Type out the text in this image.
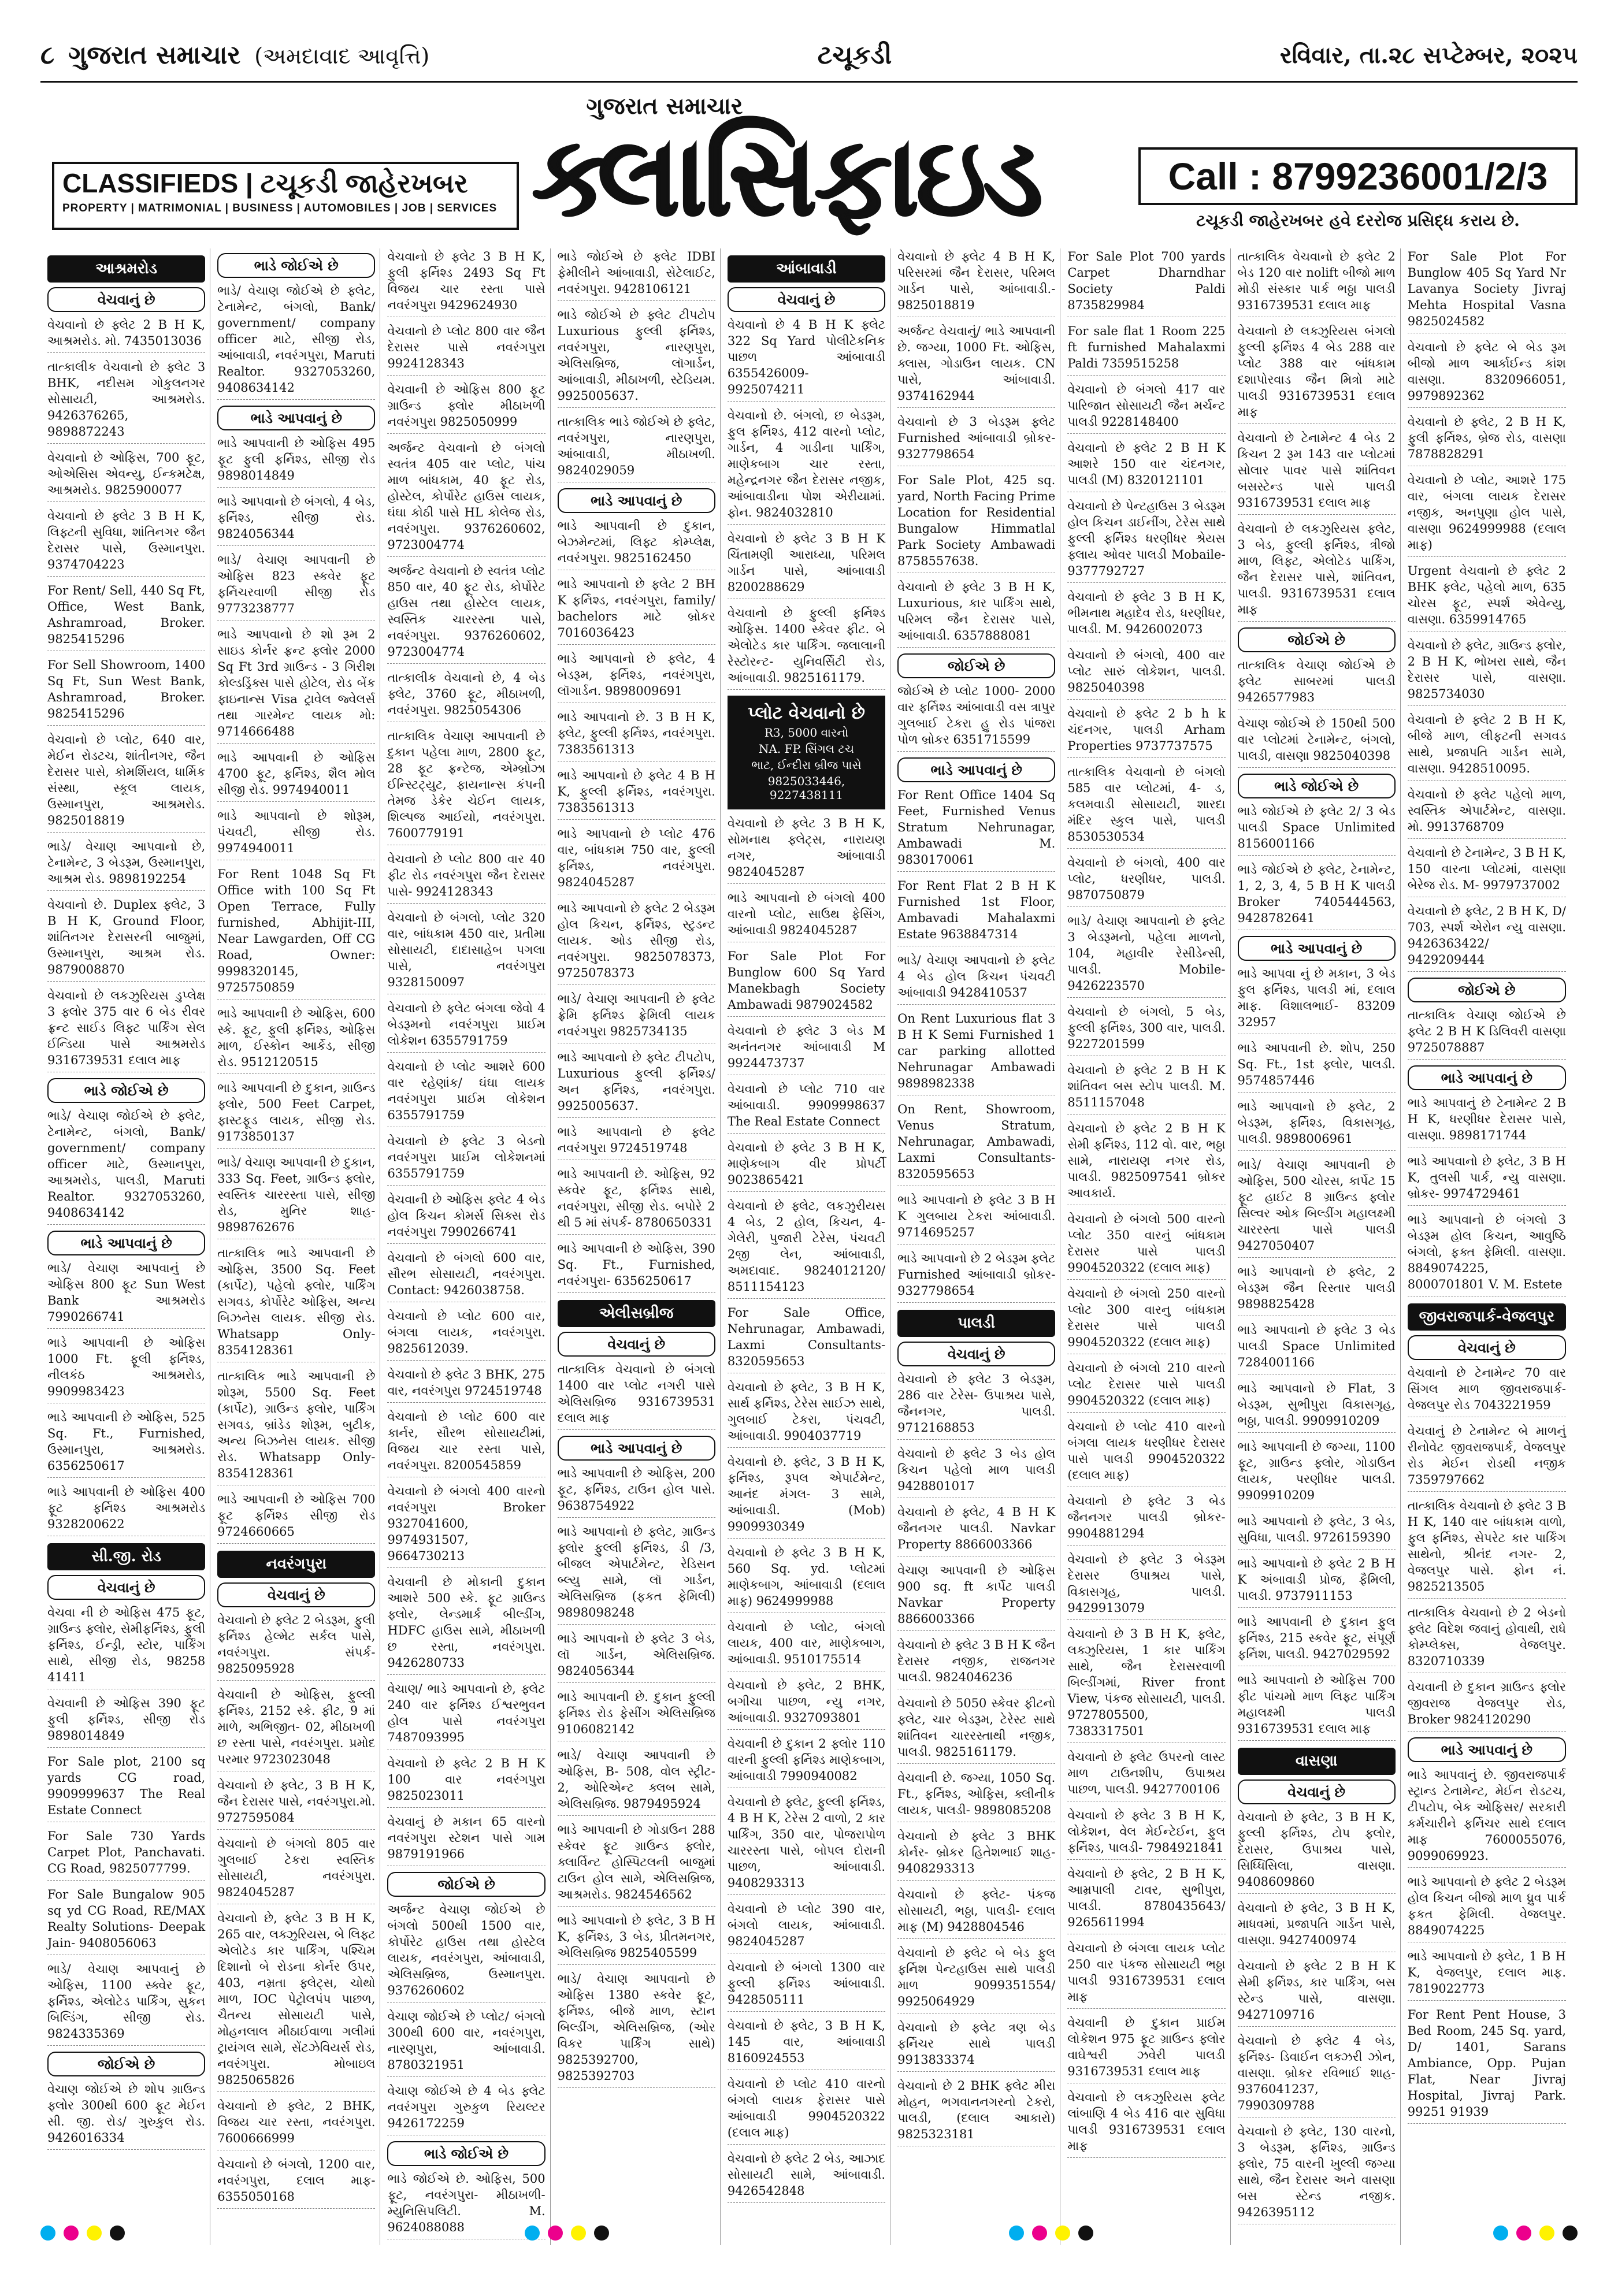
૮ ગુજરાત સમાચાર (અમદાવાદ આવૃત્તિ)	ટચૂકડી	રવિવાર, તા.૨૮ સપ્ટેમ્બર, ૨૦૨૫
CLASSIFIEDS | ટચૂકડી જાહેરખબર
PROPERTY | MATRIMONIAL | BUSINESS | AUTOMOBILES | JOB | SERVICES
ગુજરાત સમાચાર
ક્લાસિફાઇડ	Call : 8799236001/2/3
ટચૂકડી જાહેરખબર હવે દરરોજ પ્રસિદ્ધ કરાય છે.
આશ્રમરોડ
વેચવાનું છે
વેચવાનો છે ફ્લેટ 2 B H K, આશ્રમરોડ. મો. 7435013036
તાત્કાલીક વેચવાનો છે ફ્લેટ 3 BHK, નદીસમ ગોકુલનગર સોસાયટી, આશ્રમરોડ. 9426376265, 9898872243
વેચવાનો છે ઓફિસ, 700 ફૂટ, ઓએસિસ એવન્યુ, ઈન્કમટેક્ષ, આશ્રમરોડ. 9825900077
વેચવાનો છે ફ્લેટ 3 B H K, લિફ્ટની સુવિધા, શાંતિનગર જૈન દેરાસર પાસે, ઉસ્માનપુરા. 9374704223
For Rent/ Sell, 440 Sq Ft, Office, West Bank, Ashramroad, Broker. 9825415296
For Sell Showroom, 1400 Sq Ft, Sun West Bank, Ashramroad, Broker. 9825415296
વેચવાનો છે પ્લોટ, 640 વાર, મેઈન રોડટચ, શાંતીનગર, જૈન દેરાસર પાસે, કોમર્શિયલ, ધાર્મિક સંસ્થા, સ્કૂલ લાયક, ઉસ્માનપુરા, આશ્રમરોડ. 9825018819
ભાડે/ વેચાણ આપવાનો છે, ટેનામેન્ટ, 3 બેડરૂમ, ઉસ્માનપુરા, આશ્રમ રોડ. 9898192254
વેચવાનો છે. Duplex ફ્લેટ, 3 B H K, Ground Floor, શાંતિનગર દેરાસરની બાજુમાં, ઉસ્માનપુરા, આશ્રમ રોડ. 9879008870
વેચવાનો છે લકઝુરિયસ ડુપ્લેક્ષ 3 ફ્લોર 375 વાર 6 બેડ રીવર ફ્રન્ટ સાઈડ લિફ્ટ પાર્કિંગ સેલ ઈન્ડિયા પાસે આશ્રમરોડ 9316739531 દલાલ માફ
ભાડે જોઈએ છે
ભાડે/ વેચાણ જોઈએ છે ફ્લેટ, ટેનામેન્ટ, બંગલો, Bank/ government/ company officer માટે, ઉસ્માનપુરા, આશ્રમરોડ, પાલડી, Maruti Realtor. 9327053260, 9408634142
ભાડે આપવાનું છે
ભાડે/ વેચાણ આપવાનું છે ઓફિસ 800 ફૂટ Sun West Bank આશ્રમરોડ 7990266741
ભાડે આપવાની છે ઓફિસ 1000 Ft. ફૂલી ફર્નિશ્ડ, નીલકંઠ આશ્રમરોડ, 9909983423
ભાડે આપવાની છે ઓફિસ, 525 Sq. Ft., Furnished, ઉસ્માનપુરા, આશ્રમરોડ. 6356250617
ભાડે આપવાની છે ઓફિસ 400 ફૂટ ફર્નિશ્ડ આશ્રમરોડ 9328200622
સી.જી. રોડ
વેચવાનું છે
વેચવા ની છે ઓફિસ 475 ફૂટ, ગ્રાઉન્ડ ફ્લોર, સેમીફર્નિશ્ડ, ફુલી ફર્નિશ્ડ, ઈન્ડ્રી, સ્ટોર, પાર્કિંગ સાથે, સીજી રોડ, 98258 41411
વેચવાની છે ઓફિસ 390 ફૂટ ફુલી ફર્નિશ્ડ, સીજી રોડ 9898014849
For Sale plot, 2100 sq yards CG road, 9909999637 The Real Estate Connect
For Sale 730 Yards Carpet Plot, Panchavati. CG Road, 9825077799.
For Sale Bungalow 905 sq yd CG Road, RE/MAX Realty Solutions- Deepak Jain- 9408056063
ભાડે/ વેચાણ આપવાનું છે ઓફિસ, 1100 સ્ક્વેર ફૂટ, ફર્નિશ્ડ, એલોટેડ પાર્કિંગ, સુકન બિલ્ડિંગ, સીજી રોડ. 9824335369
જોઈએ છે
વેચાણ જોઈએ છે શોપ ગ્રાઉન્ડ ફ્લોર 300થી 600 ફૂટ મેઈન સી. જી. રોડ/ ગુરુકુલ રોડ. 9426016334
ભાડે જોઈએ છે
ભાડે/ વેચાણ જોઈએ છે ફ્લેટ, ટેનામેન્ટ, બંગલો, Bank/ government/ company officer માટે, સીજી રોડ, આંબાવાડી, નવરંગપુરા, Maruti Realtor. 9327053260, 9408634142
ભાડે આપવાનું છે
ભાડે આપવાની છે ઓફિસ 495 ફૂટ ફુલી ફર્નિશ્ડ, સીજી રોડ 9898014849
ભાડે આપવાનો છે બંગલો, 4 બેડ, ફર્નિશ્ડ, સીજી રોડ. 9824056344
ભાડે/ વેચાણ આપવાની છે ઓફિસ 823 સ્કવેર ફૂટ ફર્નિચરવાળી સીજી રોડ 9773238777
ભાડે આપવાનો છે શો રૂમ 2 સાઇડ કોર્નર ફ્રન્ટ ફ્લોર 2000 Sq Ft 3rd ગ્રાઉન્ડ - 3 ગિરીશ કોલ્ડડ્રિંક્સ પાસે હોટેલ, રોડ બેંક ફાઇનાન્સ Visa ટ્રાવેલ જ્વેલર્સ તથા ગારમેન્ટ લાયક મો: 9714666488
ભાડે આપવાની છે ઓફિસ 4700 ફૂટ, ફર્નિશ્ડ, શૈલ મોલ સીજી રોડ. 9974940011
ભાડે આપવાનો છે શોરૂમ, પંચવટી, સીજી રોડ. 9974940011
For Rent 1048 Sq Ft Office with 100 Sq Ft Open Terrace, Fully furnished, Abhijit-III, Near Lawgarden, Off CG Road, Owner: 9998320145, 9725750859
ભાડે આપવાની છે ઓફિસ, 600 સ્કે. ફૂટ, ફુલી ફર્નિશ્ડ, ઓફિસ માળ, ઈસ્કોન આર્કેડ, સીજી રોડ. 9512120515
ભાડે આપવાની છે દુકાન, ગ્રાઉન્ડ ફ્લોર, 500 Feet Carpet, ફાસ્ટફૂડ લાયક, સીજી રોડ. 9173850137
ભાડે/ વેચાણ આપવાની છે દુકાન, 333 Sq. Feet, ગ્રાઉન્ડ ફ્લોર, સ્વસ્તિક ચારરસ્તા પાસે, સીજી રોડ, મુનિર શાહ- 9898762676
તાત્કાલિક ભાડે આપવાની છે ઓફિસ, 3500 Sq. Feet (કાર્પેટ), પહેલો ફ્લોર, પાર્કિંગ સગવડ, કોર્પોરેટ ઓફિસ, અન્ય બિઝનેસ લાયક. સીજી રોડ. Whatsapp Only- 8354128361
તાત્કાલિક ભાડે આપવાની છે શોરૂમ, 5500 Sq. Feet (કાર્પેટ), ગ્રાઉન્ડ ફ્લોર, પાર્કિંગ સગવડ, બ્રાંડેડ શોરૂમ, બુટીક, અન્ય બિઝનેસ લાયક. સીજી રોડ. Whatsapp Only- 8354128361
ભાડે આપવાની છે ઓફિસ 700 ફૂટ ફર્નિશ્ડ સીજી રોડ 9724660665
નવરંગપુરા
વેચવાનું છે
વેચવાનો છે ફ્લેટ 2 બેડરૂમ, ફુલી ફર્નિશ્ડ હેલ્મેટ સર્કલ પાસે, નવરંગપુરા. સંપર્ક- 9825095928
વેચવાની છે ઓફિસ, ફુલ્લી ફર્નિશ્ડ, 2152 સ્કે. ફીટ, 9 માં માળે, અભિજીત- 02, મીઠાખળી છ રસ્તા પાસે, નવરંગપુરા. પ્રમોદ પરમાર 9723023048
વેચવાનો છે ફ્લેટ, 3 B H K, જૈન દેરાસર પાસે, નવરંગપુરા.મો. 9727595084
વેચવાનો છે બંગલો 805 વાર ગુલબાઈ ટેકરા સ્વસ્તિક સોસાયટી, નવરંગપુરા. 9824045287
વેચવાનો છે, ફ્લેટ 3 B H K, 265 વાર, લક્ઝુરિયસ, બે લિફ્ટ એલોટેડ કાર પાર્કિંગ, પશ્ચિમ દિશાનો બે રોડના કોર્નર ઉપર, 403, નમ્રતા ફ્લેટ્સ, ચોથો માળ, IOC પેટ્રોલપંપ પાછળ, ચૈતન્ય સોસાયટી પાસે, મોહનલાલ મીઠાઈવાળા ગલીમાં ટ્રાયંગલ સામે, સેંટઝેવિયર્સ રોડ, નવરંગપુરા. મોબાઇલ 9825065826
વેચવાનો છે ફ્લેટ, 2 BHK, વિજય ચાર રસ્તા, નવરંગપુરા. 7600666999
વેચવાનો છે બંગલો, 1200 વાર, નવરંગપુરા, દલાલ માફ- 6355050168
વેચવાનો છે ફ્લેટ 3 B H K, ફુલી ફર્નિશ્ડ 2493 Sq Ft વિજય ચાર રસ્તા પાસે નવરંગપુરા 9429624930
વેચવાનો છે પ્લોટ 800 વાર જૈન દેરાસર પાસે નવરંગપુરા 9924128343
વેચવાની છે ઓફિસ 800 ફૂટ ગ્રાઉન્ડ ફ્લોર મીઠાખળી નવરંગપુરા 9825050999
અર્જન્ટ વેચવાનો છે બંગલો સ્વતંત્ર 405 વાર પ્લોટ, પાંચ માળ બાંધકામ, 40 ફૂટ રોડ, હોસ્ટેલ, કોર્પોરેટ હાઉસ લાયક, ઘંઘા કોઠી પાસે HL કોલેજ રોડ, નવરંગપુરા. 9376260602, 9723004774
અર્જન્ટ વેચવાનો છે સ્વતંત્ર પ્લોટ 850 વાર, 40 ફૂટ રોડ, કોર્પોરેટ હાઉસ તથા હોસ્ટેલ લાયક, સ્વસ્તિક ચારરસ્તા પાસે, નવરંગપુરા. 9376260602, 9723004774
તાત્કાલીક વેચવાનો છે, 4 બેડ ફ્લેટ, 3760 ફૂટ, મીઠાખળી, નવરંગપુરા. 9825054306
તાત્કાલિક વેચાણ આપવાની છે દુકાન પહેલા માળ, 2800 ફૂટ, 28 ફૂટ ફ્રન્ટેજ, એમ્બ્રોઝા ઈન્સ્ટિટ્યુટ, ફાયનાન્સ કંપની તેમજ ડેકેર ચેઈન લાયક, શિલ્પજ આઈયો, નવરંગપુરા. 7600779191
વેચવાનો છે પ્લોટ 800 વાર 40 ફીટ રોડ નવરંગપુરા જૈન દેરાસર પાસે- 9924128343
વેચવાનો છે બંગલો, પ્લોટ 320 વાર, બાંધકામ 450 વાર, પ્રતીમા સોસાયટી, દાદાસાહેબ પગલા પાસે, નવરંગપુરા 9328150097
વેચવાનો છે ફ્લેટ બંગલા જેવો 4 બેડરૂમનો નવરંગપુરા પ્રાઈમ લોકેશન 6355791759
વેચવાનો છે પ્લોટ આશરે 600 વાર રહેણાંક/ ઘંઘા લાયક નવરંગપુરા પ્રાઈમ લોકેશન 6355791759
વેચવાનો છે ફ્લેટ 3 બેડનો નવરંગપુરા પ્રાઈમ લોકેશનમાં 6355791759
વેચવાની છે ઓફિસ ફ્લેટ 4 બેડ હોલ કિચન કોમર્સ સિક્સ રોડ નવરંગપુરા 7990266741
વેચવાનો છે બંગલો 600 વાર, સૌરભ સોસાયટી, નવરંગપુરા. Contact: 9426038758.
વેચવાનો છે પ્લોટ 600 વાર, બંગલા લાયક, નવરંગપુરા. 9825612039.
વેચવાનો છે ફ્લેટ 3 BHK, 275 વાર, નવરંગપુરા 9724519748
વેચવાનો છે પ્લોટ 600 વાર કાર્નર, સૌરભ સોસાયટીમાં, વિજય ચાર રસ્તા પાસે, નવરંગપુરા. 8200545859
વેચવાનો છે બંગલો 400 વારનો નવરંગપુરા Broker 9327041600, 9974931507, 9664730213
વેચવાની છે મોકાની દુકાન આશરે 500 સ્કે. ફૂટ ગ્રાઉન્ડ ફ્લોર, લેન્ડમાર્ક બીલ્ડીંગ, HDFC હાઉસ સામે, મીઠાખળી છ રસ્તા, નવરંગપુરા. 9426280733
વેચાણ/ ભાડે આપવાનો છે, ફ્લેટ 240 વાર ફર્નિશ્ડ ઈશ્વરભુવન હોલ પાસે નવરંગપુરા 7487093995
વેચવાનો છે ફ્લેટ 2 B H K 100 વાર નવરંગપુરા 9825023011
વેચવાનું છે મકાન 65 વારનો નવરંગપુરા સ્ટેશન પાસે ગામ 9879191966
જોઈએ છે
અર્જન્ટ વેચાણ જોઈએ છે બંગલો 500થી 1500 વાર, કોર્પોરેટ હાઉસ તથા હોસ્ટેલ લાયક, નવરંગપુરા, આંબાવાડી, એલિસબ્રિજ, ઉસ્માનપુરા. 9376260602
વેચાણ જોઈએ છે પ્લોટ/ બંગલો 300થી 600 વાર, નવરંગપુરા, નારણપુરા, આંબાવાડી. 8780321951
વેચાણ જોઈએ છે 4 બેડ ફ્લેટ નવરંગપુરા ગુરુકુળ રિયલ્ટર 9426172259
ભાડે જોઈએ છે
ભાડે જોઈએ છે. ઓફિસ, 500 ફૂટ, નવરંગપુરા- મીઠાખળી- મ્યુનિસિપલિટી. M. 9624088088
ભાડે જોઈએ છે ફ્લેટ IDBI ફેમીલીને આંબાવાડી, સેટેલાઈટ, નવરંગપુરા. 9428106121
ભાડે જોઈએ છે ફ્લેટ ટીપટોપ Luxurious ફુલ્લી ફર્નિશ્ડ, નવરંગપુરા, નારણપુરા, એલિસબ્રિજ, લૉગાર્ડન, આંબાવાડી, મીઠાખળી, સ્ટેડિયમ. 9925005637.
તાત્કાલિક ભાડે જોઈએ છે ફ્લેટ, નવરંગપુરા, નારણપુરા, આંબાવાડી, મીઠાખળી. 9824029059
ભાડે આપવાનું છે
ભાડે આપવાની છે દુકાન, બેઝમેન્ટમાં, લિફ્ટ કોમ્પ્લેક્ષ, નવરંગપુરા. 9825162450
ભાડે આપવાનો છે ફ્લેટ 2 BH K ફર્નિશ્ડ, નવરંગપુરા, family/ bachelors માટે બ્રોકર 7016036423
ભાડે આપવાનો છે ફ્લેટ, 4 બેડરૂમ, ફર્નિશ્ડ, નવરંગપુરા, લૉગાર્ડન. 9898009691
ભાડે આપવાનો છે. 3 B H K, ફ્લેટ, ફુલ્લી ફર્નિશ્ડ, નવરંગપુરા. 7383561313
ભાડે આપવાનો છે ફ્લેટ 4 B H K, ફુલ્લી ફર્નિશ્ડ, નવરંગપુરા. 7383561313
ભાડે આપવાનો છે પ્લોટ 476 વાર, બાંધકામ 750 વાર, ફુલ્લી ફર્નિશ્ડ, નવરંગપુરા. 9824045287
ભાડે આપવાનો છે ફ્લેટ 2 બેડરૂમ હોલ કિચન, ફર્નિશ્ડ, સ્ટુડન્ટ લાયક. ઓડ સીજી રોડ, નવરંગપુરા. 9825078373, 9725078373
ભાડે/ વેચાણ આપવાની છે ફ્લેટ ફ્રેમિ ફર્નિશ્ડ ફ્રેમિલી લાયક નવરંગપુરા 9825734135
ભાડે આપવાનો છે ફ્લેટ ટીપટોપ, Luxurious ફુલ્લી ફર્નિશ્ડ/ અન ફર્નિશ્ડ, નવરંગપુરા. 9925005637.
ભાડે આપવાનો છે ફ્લેટ નવરંગપુરા 9724519748
ભાડે આપવાની છે. ઓફિસ, 92 સ્કવેર ફૂટ, ફર્નિશ્ડ સાથે, નવરંગપુરા, સીજી રોડ. બપોરે 2 થી 5 માં સંપર્ક- 8780650331
ભાડે આપવાની છે ઓફિસ, 390 Sq. Ft., Furnished, નવરંગપુરા- 6356250617
એલીસબ્રીજ
વેચવાનું છે
તાત્કાલિક વેચવાનો છે બંગલો 1400 વાર પ્લોટ નગરી પાસે એલિસબ્રિજ 9316739531 દલાલ માફ
ભાડે આપવાનું છે
ભાડે આપવાની છે ઓફિસ, 200 ફૂટ, ફર્નિશ્ડ, ટાઉન હોલ પાસે. 9638754922
ભાડે આપવાનો છે ફ્લેટ, ગ્રાઉન્ડ ફ્લોર ફુલ્લી ફર્નિશ્ડ, ડી /3, બીજલ એપાર્ટમેન્ટ, રેડિસન બ્લ્યુ સામે, લૉ ગાર્ડન, એલિસબ્રિજ (ફકત ફેમિલી) 9898098248
ભાડે આપવાનો છે ફ્લેટ 3 બેડ, લૉ ગાર્ડન, એલિસબ્રિજ. 9824056344
ભાડે આપવાની છે. દુકાન ફુલ્લી ફર્નિશ્ડ રોડ ફેસીંગ એલિસબ્રિજ 9106082142
ભાડે/ વેચાણ આપવાની છે ઓફિસ, B- 508, વોલ સ્ટ્રીટ- 2, ઓરિએન્ટ ક્લબ સામે, એલિસબ્રિજ. 9879495924
ભાડે આપવાની છે ગોડાઉન 288 સ્કેવર ફૂટ ગ્રાઉન્ડ ફ્લોર, ક્લાર્વિન્ટ હોસ્પિટલની બાજુમાં ટાઉન હોલ સામે, એલિસબ્રિજ, આશ્રમરોડ. 9824546562
ભાડે આપવાનો છે ફ્લેટ, 3 B H K, ફર્નિશ્ડ, 3 બેડ, પ્રીતમનગર, એલિસબ્રિજ 9825405599
ભાડે/ વેચાણ આપવાનો છે ઓફિસ 1380 સ્કવેર ફૂટ, ફર્નિશ્ડ, બીજે માળ, સ્ટાન બિલ્ડીંગ, એલિસબ્રિજ, (ઓર વિકર પાર્કિંગ સાથે) 9825392700, 9825392703
આંબાવાડી
વેચવાનું છે
વેચવાનો છે 4 B H K ફ્લેટ 322 Sq Yard પોલીટેકનિક પાછળ આંબાવાડી 6355426009- 9925074211
વેચવાનો છે. બંગલો, છ બેડરૂમ, ફુલ ફર્નિશ્ડ, 412 વારનો પ્લોટ, ગાર્ડન, 4 ગાડીના પાર્કિંગ, માણેકબાગ ચાર રસ્તા, મહેન્દ્રનગર જૈન દેરાસર નજીક, આંબાવાડીના પોશ એરીયામાં. ફોન. 9824032810
વેચવાનો છે ફ્લેટ 3 B H K ચિંતામણી આરાધ્યા, પરિમલ ગાર્ડન પાસે, આંબાવાડી 8200288629
વેચવાનો છે ફુલ્લી ફર્નિશ્ડ ઓફિસ. 1400 સ્કેવર ફીટ. બે એલોટેડ કાર પાર્કિંગ. જલાલાની રેસ્ટોરન્ટ- યુનિવર્સિટી રોડ, આંબાવાડી. 9825161179.
પ્લોટ વેચવાનો છે
R3, 5000 વારનો
NA. FP. સિંગલ ટચ
ભાટ, ઈન્દીરા બ્રીજ પાસે
9825033446, 9227438111
વેચવાનો છે ફ્લેટ 3 B H K, સોમનાથ ફ્લેટ્સ, નારાયણ નગર, આંબાવાડી 9824045287
ભાડે આપવાનો છે બંગલો 400 વારનો પ્લોટ, સાઉથ ફેસિંગ, આંબાવાડી 9824045287
For Sale Plot For Bunglow 600 Sq Yard Manekbagh Society Ambawadi 9879024582
વેચવાનો છે ફ્લેટ 3 બેડ M અનંતનગર આંબાવાડી M 9924473737
વેચવાનો છે પ્લોટ 710 વાર આંબાવાડી. 9909998637 The Real Estate Connect
વેચવાનો છે ફ્લેટ 3 B H K, માણેકબાગ વીર પ્રોપર્ટી 9023865421
વેચવાનો છે ફ્લેટ, લકઝુરીયસ 4 બેડ, 2 હોલ, કિચન, 4- ગેલેરી, પુજારી ટેરેસ, પંચવટી 2જી લેન, આંબાવાડી, અમદાવાદ. 9824012120/ 8511154123
For Sale Office, Nehrunagar, Ambawadi, Laxmi Consultants- 8320595653
વેચવાનો છે ફ્લેટ, 3 B H K, સાર્થ ફર્નિશ્ડ, ટેરેસ સાઈઝ સાથે, ગુલબાઈ ટેકરા, પંચવટી, આંબાવાડી. 9904037719
વેચવાનો છે. ફ્લેટ, 3 B H K, ફર્નિશ્ડ, રૂપલ એપાર્ટમેન્ટ, આનંદ મંગલ- 3 સામે, આંબાવાડી. (Mob) 9909930349
વેચવાનો છે ફ્લેટ 3 B H K, 560 Sq. yd. પ્લોટમાં માણેકબાગ, આંબાવાડી (દલાલ માફ) 9624999988
વેચવાનો છે પ્લોટ, બંગલો લાયક, 400 વાર, માણેકબાગ, આંબાવાડી. 9510175514
વેચવાનો છે ફ્લેટ, 2 BHK, બગીચા પાછળ, ન્યુ નગર, આંબાવાડી. 9327093801
વેચવાની છે દુકાન 2 ફ્લોર 110 વારની ફુલ્લી ફર્નિશ્ડ માણેકબાગ, આંબાવાડી 7990940082
વેચવાનો છે ફ્લેટ, ફુલ્લી ફર્નિશ્ડ, 4 B H K, ટેરેસ 2 વાળો, 2 કાર પાર્કિંગ, 350 વાર, પોજરાપોળ ચારરસ્તા પાસે, બોપલ દોરાની પાછળ, આંબાવાડી. 9408293313
વેચવાનો છે પ્લોટ 390 વાર, બંગલો લાયક, આંબાવાડી. 9824045287
વેચવાનો છે બંગલો 1300 વાર ફુલ્લી ફર્નિશ્ડ આંબાવાડી. 9428505111
વેચવાનો છે ફ્લેટ, 3 B H K, 145 વાર, આંબાવાડી 8160924553
વેચવાનો છે પ્લોટ 410 વારનો બંગલો લાયક ફેરાસર પાસે આંબાવાડી 9904520322 (દલાલ માફ)
વેચવાનો છે ફ્લેટ 2 બેડ, આઝાદ સોસાયટી સામે, આંબાવાડી. 9426542848
વેચવાનો છે ફ્લેટ 4 B H K, પરિસરમાં જૈન દેરાસર, પરિમલ ગાર્ડન પાસે, આંબાવાડી.- 9825018819
અર્જન્ટ વેચવાનું/ ભાડે આપવાની છે. જગ્યા, 1000 Ft. ઓફિસ, ક્લાસ, ગોડાઉન લાયક. CN પાસે, આંબાવાડી. 9374162944
વેચવાનો છે 3 બેડરૂમ ફ્લેટ Furnished આંબાવાડી બ્રોકર- 9327798654
For Sale Plot, 425 sq. yard, North Facing Prime Location for Residential Bungalow Himmatlal Park Society Ambawadi 8758557638.
વેચવાનો છે ફ્લેટ 3 B H K, Luxurious, કાર પાર્કિંગ સાથે, પરિમલ જૈન દેરાસર પાસે, આંબાવાડી. 6357888081
જોઈએ છે
જોઈએ છે પ્લોટ 1000- 2000 વાર ફર્નિશ્ડ આંબાવાડી વસ ત્રાપુર ગુલબાઈ ટેકરા હુ રોડ પાંજરા પોળ બ્રોકર 6351715599
ભાડે આપવાનું છે
For Rent Office 1404 Sq Feet, Furnished Venus Stratum Nehrunagar, Ambawadi M. 9830170061
For Rent Flat 2 B H K Furnished 1st Floor, Ambavadi Mahalaxmi Estate 9638847314
ભાડે/ વેચાણ આપવાનો છે ફ્લેટ 4 બેડ હોલ કિચન પંચવટી આંબાવાડી 9428410537
On Rent Luxurious flat 3 B H K Semi Furnished 1 car parking allotted Nehrunagar Ambawadi 9898982338
On Rent, Showroom, Venus Stratum, Nehrunagar, Ambawadi, Laxmi Consultants- 8320595653
ભાડે આપવાનો છે ફ્લેટ 3 B H K ગુલબાય ટેકરા આંબાવાડી. 9714695257
ભાડે આપવાનો છે 2 બેડરૂમ ફ્લેટ Furnished આંબાવાડી બ્રોકર- 9327798654
પાલડી
વેચવાનું છે
વેચવાનો છે ફ્લેટ 3 બેડરૂમ, 286 વાર ટેરેસ- ઉપાશ્રય પાસે, જૈનનગર, પાલડી. 9712168853
વેચવાનો છે ફ્લેટ 3 બેડ હોલ કિચન પહેલો માળ પાલડી 9428801017
વેચવાનો છે ફ્લેટ, 4 B H K જૈનનગર પાલડી. Navkar Property 8866003366
વેચાણ આપવાની છે ઓફિસ 900 sq. ft કાર્પેટ પાલડી Navkar Property 8866003366
વેચવાનો છે ફ્લેટ 3 B H K જૈન દેરાસર નજીક, રાજનગર પાલડી. 9824046236
વેચવાનો છે 5050 સ્કેવર ફીટનો ફ્લેટ, ચાર બેડરૂમ, ટેરેસ્ટ સાથે શાંતિવન ચારરસ્તાથી નજીક, પાલડી. 9825161179.
વેચવાની છે. જગ્યા, 1050 Sq. Ft., ફર્નિશ્ડ, ઓફિસ, ક્લીનીક લાયક, પાલડી- 9898085208
વેચવાનો છે ફ્લેટ 3 BHK કોર્નર- બ્રોકર હિતેશભાઈ શાહ- 9408293313
વેચવાનો છે ફ્લેટ- પંકજ સોસાયટી, ભઠ્ઠા, પાલડી- દલાલ માફ (M) 9428804546
વેચવાનો છે ફ્લેટ બે બેડ ફુલ ફર્નિશ પેન્ટહાઉસ સાથે પાલડી માળ 9099351554/ 9925064929
વેચવાનો છે ફ્લેટ ત્રણ બેડ ફર્નિચર સાથે પાલડી 9913833374
વેચવાનો છે 2 BHK ફ્લેટ મીરા મોહન, ભગવાનનગરનો ટેકરો, પાલડી, (દલાલ આકારો) 9825323181
For Sale Plot 700 yards Carpet Dharndhar Society Paldi 8735829984
For sale flat 1 Room 225 ft furnished Mahalaxmi Paldi 7359515258
વેચવાનો છે બંગલો 417 વાર પારિજાત સોસાયટી જૈન મર્ચન્ટ પાલડી 9228148400
વેચવાનો છે ફ્લેટ 2 B H K આશરે 150 વાર ચંદનગર, પાલડી (M) 8320121101
વેચવાનો છે પેન્ટહાઉસ 3 બેડરૂમ હોલ કિચન ડાઈનીંગ, ટેરેસ સાથે ફુલ્લી ફર્નિશ્ડ ધરણીધર શ્રેયસ ફ્લાય ઓવર પાલડી Mobaile- 9377792727
વેચવાનો છે ફ્લેટ 3 B H K, ભીમનાથ મહાદેવ રોડ, ધરણીધર, પાલડી. M. 9426002073
વેચવાનો છે બંગલો, 400 વાર પ્લોટ સારું લોકેશન, પાલડી. 9825040398
વેચવાનો છે ફ્લેટ 2 b h k ચંદનગર, પાલડી Arham Properties 9737737575
તાત્કાલિક વેચવાનો છે બંગલો 585 વાર પ્લોટમાં, 4- ડ, કલમવાડી સોસાયટી, શારદા મંદિર સ્કુલ પાસે, પાલડી 8530530534
વેચવાનો છે બંગલો, 400 વાર પ્લોટ, ધરણીધર, પાલડી. 9870750879
ભાડે/ વેચાણ આપવાનો છે ફ્લેટ 3 બેડરૂમનો, પહેલા માળનો, 104, મહાવીર રેસીડેન્સી, પાલડી. Mobile- 9426223570
વેચવાનો છે બંગલો, 5 બેડ, ફુલ્લી ફર્નિશ્ડ, 300 વાર, પાલડી. 9227201599
વેચવાનો છે ફ્લેટ 2 B H K શાંતિવન બસ સ્ટોપ પાલડી. M. 8511157048
વેચવાનો છે ફ્લેટ 2 B H K સેમી ફર્નિશ્ડ, 112 વો. વાર, ભઠ્ઠા સામે, નારાયણ નગર રોડ, પાલડી. 9825097541 બ્રોકર આવકાર્ય.
વેચવાનો છે બંગલો 500 વારનો પ્લોટ 350 વારનું બાંધકામ દેરાસર પાસે પાલડી 9904520322 (દલાલ માફ)
વેચવાનો છે બંગલો 250 વારનો પ્લોટ 300 વારનુ બાંધકામ દેરાસર પાસે પાલડી 9904520322 (દલાલ માફ)
વેચવાનો છે બંગલો 210 વારનો પ્લોટ દેરાસર પાસે પાલડી 9904520322 (દલાલ માફ)
વેચવાનો છે પ્લોટ 410 વારનો બંગલા લાયક ધરણીધર દેરાસર પાસે પાલડી 9904520322 (દલાલ માફ)
વેચવાનો છે ફ્લેટ 3 બેડ જૈનનગર પાલડી બ્રોકર- 9904881294
વેચવાનો છે ફ્લેટ 3 બેડરૂમ દેરાસર ઉપાશ્રય પાસે, વિકાસગૃહ, પાલડી. 9429913079
વેચવાનો છે 3 B H K, ફ્લેટ, લક્ઝુરિયસ, 1 કાર પાર્કિંગ સાથે, જૈન દેરાસરવાળી બિલ્ડીંગમાં, River front View, પંકજ સોસાયટી, પાલડી. 9727805500, 7383317501
વેચવાનો છે ફ્લેટ ઉપરનો લાસ્ટ માળ ટાઉનશીપ, ઉપાશ્રય પાછળ, પાલડી. 9427700106
વેચવાનો છે ફ્લેટ 3 B H K, લોકેશન, વેલ મેઈન્ટેઈન, ફુલ ફર્નિશ્ડ, પાલડી- 7984921841
વેચવાનો છે ફ્લેટ, 2 B H K, આમ્રપાલી ટાવર, સુભીપુરા, પાલડી. 8780435643/ 9265611994
વેચવાનો છે બંગલા લાયક પ્લોટ 250 વાર પંકજ સોસાયટી ભઠ્ઠા પાલડી 9316739531 દલાલ માફ
વેચવાની છે દુકાન પ્રાઈમ લોકેશન 975 ફૂટ ગ્રાઉન્ડ ફ્લોર વાઘેશ્વરી ઝવેરી પાલડી 9316739531 દલાલ માફ
વેચવાનો છે લકઝુરિયસ ફ્લેટ લાંબાણિ 4 બેડ 416 વાર સુવિધા પાલડી 9316739531 દલાલ માફ
તાત્કાલિક વેચવાનો છે ફ્લેટ 2 બેડ 120 વાર nolift બીજો માળ મોડી સંસ્કાર પાર્ક ભઠ્ઠા પાલડી 9316739531 દલાલ માફ
વેચવાનો છે લક્ઝુરિયસ બંગલો ફુલ્લી ફર્નિશ્ડ 4 બેડ 288 વાર પ્લોટ 388 વાર બાંધકામ દશાપોરવાડ જૈન મિત્રો માટે પાલડી 9316739531 દલાલ માફ
વેચવાનો છે ટેનામેન્ટ 4 બેડ 2 કિચન 2 રૂમ 143 વાર પ્લોટમાં સોલાર પાવર પાસે શાંતિવન બસસ્ટેન્ડ પાસે પાલડી 9316739531 દલાલ માફ
વેચવાનો છે લકઝુરિયસ ફ્લેટ, 3 બેડ, ફુલ્લી ફર્નિશ્ડ, ત્રીજો માળ, લિફ્ટ, એલોટેડ પાર્કિંગ, જૈન દેરાસર પાસે, શાંતિવન, પાલડી. 9316739531 દલાલ માફ
જોઈએ છે
તાત્કાલિક વેચાણ જોઈએ છે ફ્લેટ સાબરમાં પાલડી 9426577983
વેચાણ જોઈએ છે 150થી 500 વાર પ્લોટમાં ટેનામેન્ટ, બંગલો, પાલડી, વાસણા 9825040398
ભાડે જોઈએ છે
ભાડે જોઈએ છે ફ્લેટ 2/ 3 બેડ પાલડી Space Unlimited 8156001166
ભાડે જોઈએ છે ફ્લેટ, ટેનામેન્ટ, 1, 2, 3, 4, 5 B H K પાલડી Broker 7405444563, 9428782641
ભાડે આપવાનું છે
ભાડે આપવા નું છે મકાન, 3 બેડ ફુલ ફર્નિશ્ડ, પાલડી માં, દલાલ માફ. વિશાલભાઈ- 83209 32957
ભાડે આપવાની છે. શોપ, 250 Sq. Ft., 1st ફ્લોર, પાલડી. 9574857446
ભાડે આપવાનો છે ફ્લેટ, 2 બેડરૂમ, ફર્નિશ્ડ, વિકાસગૃહ, પાલડી. 9898006961
ભાડે/ વેચાણ આપવાની છે ઓફિસ, 500 ચોરસ, કાર્પેટ 15 ફૂટ હાઈટ 8 ગ્રાઉન્ડ ફ્લોર સિલ્વર ઓક બિલ્ડીંગ મહાલક્ષ્મી ચારરસ્તા પાસે પાલડી 9427050407
ભાડે આપવાનો છે ફ્લેટ, 2 બેડરૂમ જૈન રિસ્તાર પાલડી 9898825428
ભાડે આપવાનો છે ફ્લેટ 3 બેડ પાલડી Space Unlimited 7284001166
ભાડે આપવાનો છે Flat, 3 બેડરૂમ, સુભીપુરા વિકાસગૃહ, ભઠ્ઠા, પાલડી. 9909910209
ભાડે આપવાની છે જગ્યા, 1100 ફૂટ, ગ્રાઉન્ડ ફ્લોર, ગોડાઉન લાયક, પરણીધર પાલડી. 9909910209
ભાડે આપવાનો છે ફ્લેટ, 3 બેડ, સુવિધા, પાલડી. 9726159390
ભાડે આપવાનો છે ફ્લેટ 2 B H K અંબાવાડી પ્રોજ, ફૈમિલી, પાલડી. 9737911153
ભાડે આપવાની છે દુકાન ફુલ ફર્નિશ્ડ, 215 સ્કવેર ફૂટ, સંપૂર્ણ ફર્નિશ, પાલડી. 9427029592
ભાડે આપવાનો છે ઓફિસ 700 ફીટ પાંચમો માળ લિફ્ટ પાર્કિંગ મહાલક્ષ્મી પાલડી 9316739531 દલાલ માફ
વાસણા
વેચવાનું છે
વેચવાનો છે ફ્લેટ, 3 B H K, ફુલ્લી ફર્નિશ્ડ, ટોપ ફ્લોર, દેરાસર, ઉપાશ્રય પાસે, સિધ્ધિસિલા, વાસણા. 9408609860
વેચવાનો છે ફ્લેટ, 3 B H K, માધવમાં, પ્રજાપતિ ગાર્ડન પાસે, વાસણા. 9427400974
વેચવાનો છે ફ્લેટ 2 B H K સેમી ફર્નિશ્ડ, કાર પાર્કિંગ, બસ સ્ટેન્ડ પાસે, વાસણા. 9427109716
વેચવાનો છે ફ્લેટ 4 બેડ, ફર્નિશ્ડ- ડિવાઈન લક્ઝરી ઝોન, વાસણા. બ્રોકર રવિભાઈ શાહ- 9376041237, 7990309788
વેચવાનો છે ફ્લેટ, 130 વારનો, 3 બેડરૂમ, ફર્નિશ્ડ, ગ્રાઉન્ડ ફ્લોર, 75 વારની ખુલ્લી જગ્યા સાથે, જૈન દેરાસર અને વાસણા બસ સ્ટેન્ડ નજીક. 9426395112
For Sale Plot For Bunglow 405 Sq Yard Nr Lavanya Society Jivraj Mehta Hospital Vasna 9825024582
વેચવાનો છે ફ્લેટ બે બેડ રૂમ બીજો માળ આર્કાઈન્ડ કાંશ વાસણા. 8320966051, 9979892362
વેચવાનો છે ફ્લેટ, 2 B H K, ફુલી ફર્નિશ્ડ, બ્રેજ રોડ, વાસણા 7878828291
વેચવાનો છે પ્લોટ, આશરે 175 વાર, બંગલા લાયક દેરાસર નજીક, અનપુણા હોલ પાસે, વાસણા 9624999988 (દલાલ માફ)
Urgent વેચવાનો છે ફ્લેટ 2 BHK ફ્લેટ, પહેલો માળ, 635 ચોરસ ફૂટ, સ્પર્શ એવેન્યુ, વાસણા. 6359914765
વેચવાનો છે ફ્લેટ, ગ્રાઉન્ડ ફ્લોર, 2 B H K, ભોખરા સાથે, જૈન દેરાસર પાસે, વાસણા. 9825734030
વેચવાનો છે ફ્લેટ 2 B H K, બીજે માળ, લીફટની સગવડ સાથે, પ્રજાપતિ ગાર્ડન સામે, વાસણા. 9428510095.
વેચવાનો છે ફ્લેટ પહેલો માળ, સ્વસ્તિક એપાર્ટમેન્ટ, વાસણા. મો. 9913768709
વેચવાનો છે ટેનામેન્ટ, 3 B H K, 150 વારના પ્લોટમાં, વાસણા બેરેજ રોડ. M- 9979737002
વેચવાનો છે ફ્લેટ, 2 B H K, D/ 703, સ્પર્શ એરોન ન્યુ વાસણા. 9426363422/ 9429209444
જોઈએ છે
તાત્કાલિક વેચાણ જોઈએ છે ફ્લેટ 2 B H K ડિલિવરી વાસણા 9725078887
ભાડે આપવાનું છે
ભાડે આપવાનું છે ટેનામેન્ટ 2 B H K, ધરણીધર દેરાસર પાસે, વાસણા. 9898171744
ભાડે આપવાનો છે ફ્લેટ, 3 B H K, તુલસી પાર્ક, ન્યુ વાસણા. બ્રોકર- 9974729461
ભાડે આપવાનો છે બંગલો 3 બેડરૂમ હોલ કિચન, આવુષ્ઠિ બંગલો, ફક્ત ફેમિલી. વાસણા. 8849074225, 8000701801 V. M. Estete
જીવરાજપાર્ક-વેજલપુર
વેચવાનું છે
વેચવાનો છે ટેનામેન્ટ 70 વાર સિંગલ માળ જીવરાજપાર્ક- વેજલપુર રોડ 7043221959
વેચવાનું છે ટેનામેન્ટ બે માળનું રીનોવેટ જીવરાજપાર્ક, વેજલપુર રોડ મેઈન રોડથી નજીક 7359797662
તાત્કાલિક વેચવાનો છે ફ્લેટ 3 B H K, 140 વાર બાંધકામ વાળો, ફુલ ફર્નિશ્ડ, સેપરેટ કાર પાર્કિંગ સાથેનો, શ્રીનંદ નગર- 2, વેજલપુર પાસે. ફોન નં. 9825213505
તાત્કાલિક વેચવાનો છે 2 બેડનો ફ્લેટ વિદેશ જવાનું હોવાથી, રાધે કોમ્પ્લેક્સ, વેજલપુર. 8320710339
વેચવાની છે દુકાન ગ્રાઉન્ડ ફ્લોર જીવરાજ વેજલપુર રોડ, Broker 9824120290
ભાડે આપવાનું છે
ભાડે આપવાનું છે. જીવરાજપાર્ક સ્ટ્રાન્ડ ટેનામેન્ટ, મેઈન રોડટચ, ટીપટોપ, બેક ઓફિસર/ સરકારી કર્મચારીને ફર્નિચર સાથે દલાલ માફ 7600055076, 9099069923.
ભાડે આપવાનો છે ફ્લેટ 2 બેડરૂમ હોલ કિચન બીજો માળ ધ્રુવ પાર્ક ફકત ફેમિલી. વેજલપુર. 8849074225
ભાડે આપવાનો છે ફ્લેટ, 1 B H K, વેજલપુર, દલાલ માફ. 7819022773
For Rent Pent House, 3 Bed Room, 245 Sq. yard, D/ 1401, Sarans Ambiance, Opp. Pujan Flat, Near Jivraj Hospital, Jivraj Park. 99251 91939
